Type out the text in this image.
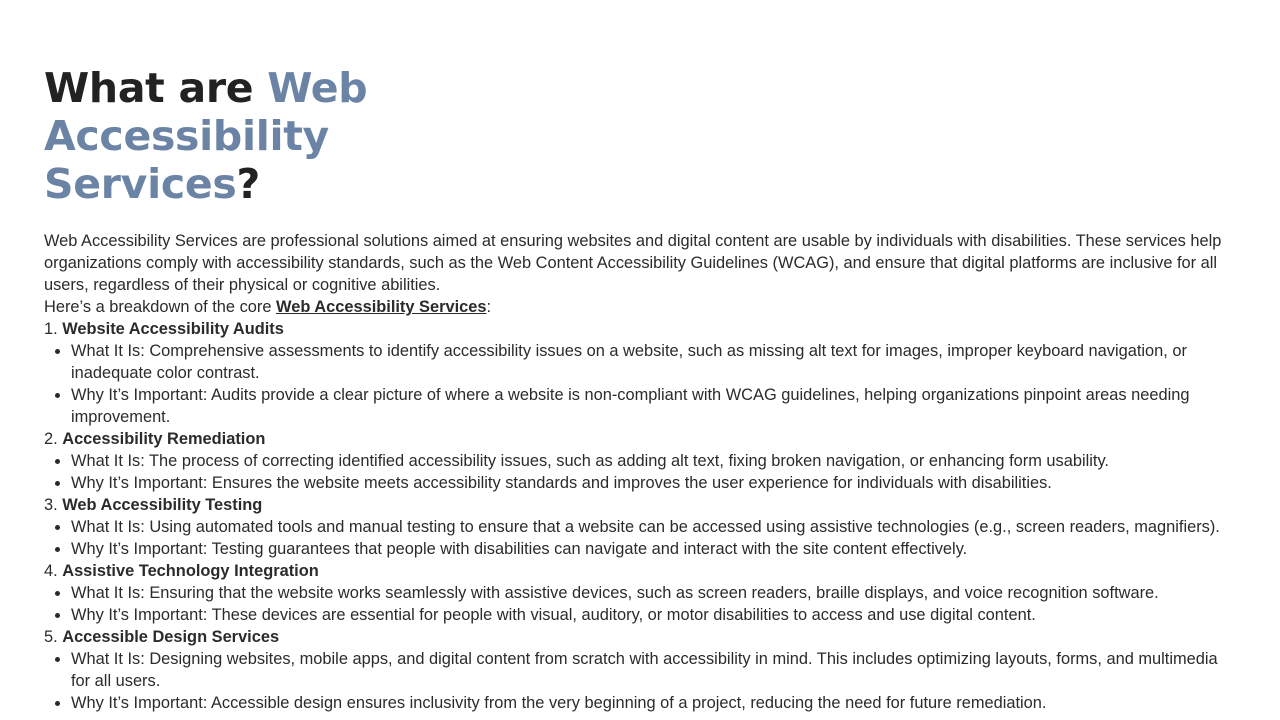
What are Web Accessibility
Services?

Web Accessibility Services are professional solutions aimed at ensuring websites and digital content are usable by individuals with disabilities. These services help organizations comply with accessibility standards, such as the Web Content Accessibility Guidelines (WCAG), and ensure that digital platforms are inclusive for all users, regardless of their physical or cognitive abilities.

Here’s a breakdown of the core Web Accessibility Services:

1. Website Accessibility Audits

What It Is: Comprehensive assessments to identify accessibility issues on a website, such as missing alt text for images, improper keyboard navigation, or inadequate color contrast.
Why It’s Important: Audits provide a clear picture of where a website is non-compliant with WCAG guidelines, helping organizations pinpoint areas needing improvement.

2. Accessibility Remediation

What It Is: The process of correcting identified accessibility issues, such as adding alt text, fixing broken navigation, or enhancing form usability.
Why It’s Important: Ensures the website meets accessibility standards and improves the user experience for individuals with disabilities.

3. Web Accessibility Testing

What It Is: Using automated tools and manual testing to ensure that a website can be accessed using assistive technologies (e.g., screen readers, magnifiers).
Why It’s Important: Testing guarantees that people with disabilities can navigate and interact with the site content effectively.

4. Assistive Technology Integration

What It Is: Ensuring that the website works seamlessly with assistive devices, such as screen readers, braille displays, and voice recognition software.
Why It’s Important: These devices are essential for people with visual, auditory, or motor disabilities to access and use digital content.

5. Accessible Design Services

What It Is: Designing websites, mobile apps, and digital content from scratch with accessibility in mind. This includes optimizing layouts, forms, and multimedia for all users.
Why It’s Important: Accessible design ensures inclusivity from the very beginning of a project, reducing the need for future remediation.
